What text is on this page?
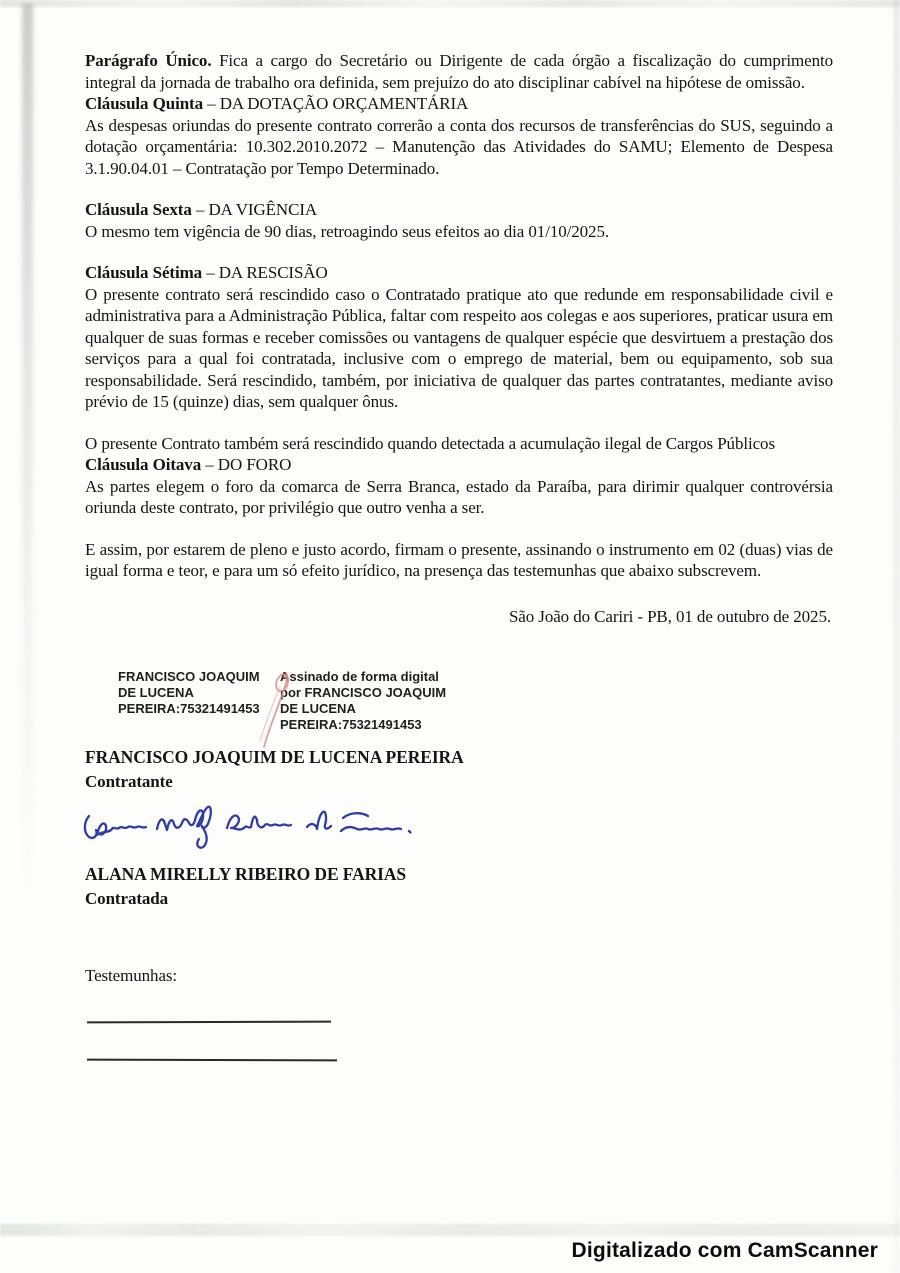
Parágrafo Único. Fica a cargo do Secretário ou Dirigente de cada órgão a fiscalização do cumprimento integral da jornada de trabalho ora definida, sem prejuízo do ato disciplinar cabível na hipótese de omissão.

Cláusula Quinta – DA DOTAÇÃO ORÇAMENTÁRIA

As despesas oriundas do presente contrato correrão a conta dos recursos de transferências do SUS, seguindo a dotação orçamentária: 10.302.2010.2072 – Manutenção das Atividades do SAMU; Elemento de Despesa 3.1.90.04.01 – Contratação por Tempo Determinado.

Cláusula Sexta – DA VIGÊNCIA

O mesmo tem vigência de 90 dias, retroagindo seus efeitos ao dia 01/10/2025.

Cláusula Sétima – DA RESCISÃO

O presente contrato será rescindido caso o Contratado pratique ato que redunde em responsabilidade civil e administrativa para a Administração Pública, faltar com respeito aos colegas e aos superiores, praticar usura em qualquer de suas formas e receber comissões ou vantagens de qualquer espécie que desvirtuem a prestação dos serviços para a qual foi contratada, inclusive com o emprego de material, bem ou equipamento, sob sua responsabilidade. Será rescindido, também, por iniciativa de qualquer das partes contratantes, mediante aviso prévio de 15 (quinze) dias, sem qualquer ônus.

O presente Contrato também será rescindido quando detectada a acumulação ilegal de Cargos Públicos

Cláusula Oitava – DO FORO

As partes elegem o foro da comarca de Serra Branca, estado da Paraíba, para dirimir qualquer controvérsia oriunda deste contrato, por privilégio que outro venha a ser.

E assim, por estarem de pleno e justo acordo, firmam o presente, assinando o instrumento em 02 (duas) vias de igual forma e teor, e para um só efeito jurídico, na presença das testemunhas que abaixo subscrevem.

São João do Cariri - PB, 01 de outubro de 2025.

FRANCISCO JOAQUIM DE LUCENA PEREIRA:75321491453
Assinado de forma digital por FRANCISCO JOAQUIM DE LUCENA PEREIRA:75321491453

FRANCISCO JOAQUIM DE LUCENA PEREIRA

Contratante

ALANA MIRELLY RIBEIRO DE FARIAS

Contratada

Testemunhas:

Digitalizado com CamScanner
